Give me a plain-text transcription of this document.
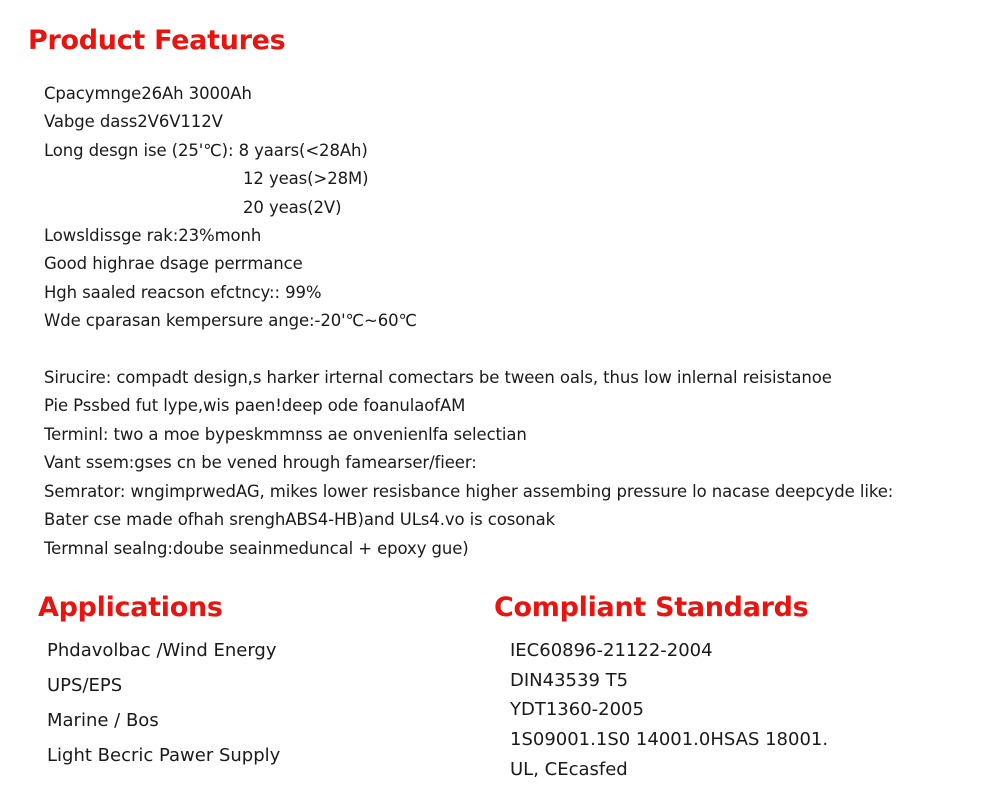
Product Features
Cpacymnge26Ah 3000Ah
Vabge dass2V6V112V
Long desgn ise (25'℃): 8 yaars(<28Ah)
12 yeas(>28M)
20 yeas(2V)
Lowsldissge rak:23%monh
Good highrae dsage perrmance
Hgh saaled reacson efctncy:: 99%
Wde cparasan kempersure ange:-20'℃~60℃
Sirucire: compadt design,s harker irternal comectars be tween oals, thus low inlernal reisistanoe
Pie Pssbed fut lype,wis paen!deep ode foanulaofAM
Terminl: two a moe bypeskmmnss ae onvenienlfa selectian
Vant ssem:gses cn be vened hrough famearser/fieer:
Semrator: wngimprwedAG, mikes lower resisbance higher assembing pressure lo nacase deepcyde like:
Bater cse made ofhah srenghABS4-HB)and ULs4.vo is cosonak
Termnal sealng:doube seainmeduncal + epoxy gue)
Applications
Phdavolbac /Wind Energy
UPS/EPS
Marine / Bos
Light Becric Pawer Supply
Compliant Standards
IEC60896-21122-2004
DIN43539 T5
YDT1360-2005
1S09001.1S0 14001.0HSAS 18001.
UL, CEcasfed
